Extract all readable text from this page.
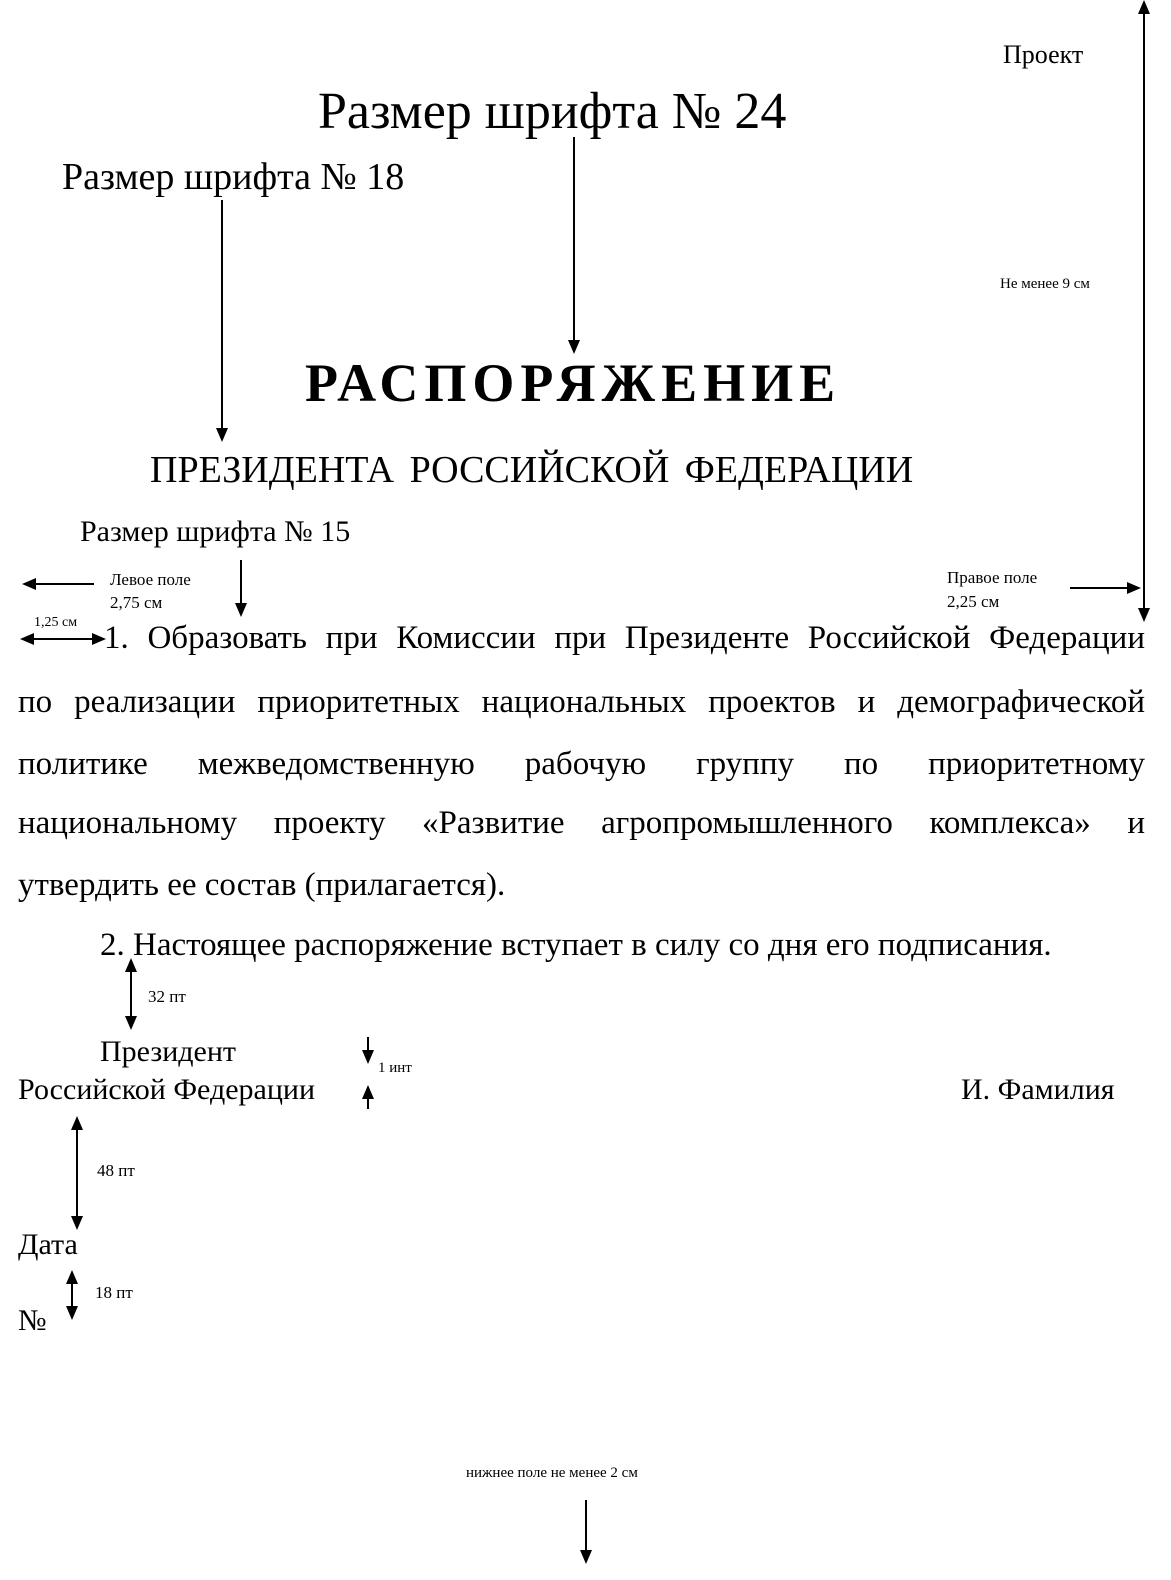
Проект
Не менее 9 см
Размер шрифта № 24
Размер шрифта № 18
РАСПОРЯЖЕНИЕ
ПРЕЗИДЕНТА РОССИЙСКОЙ ФЕДЕРАЦИИ
Размер шрифта № 15
Левое поле
2,75 см
Правое поле
2,25 см
1,25 см 1. Образовать при Комиссии при Президенте Российской Федерации
по реализации приоритетных национальных проектов и демографической
политике межведомственную рабочую группу по приоритетному
национальному проекту «Развитие агропромышленного комплекса» и
утвердить ее состав (прилагается).
2. Настоящее распоряжение вступает в силу со дня его подписания.
32 пт
Президент
Российской Федерации	И. Фамилия
1 инт
48 пт
Дата
18 пт
№
нижнее поле не менее 2 см
